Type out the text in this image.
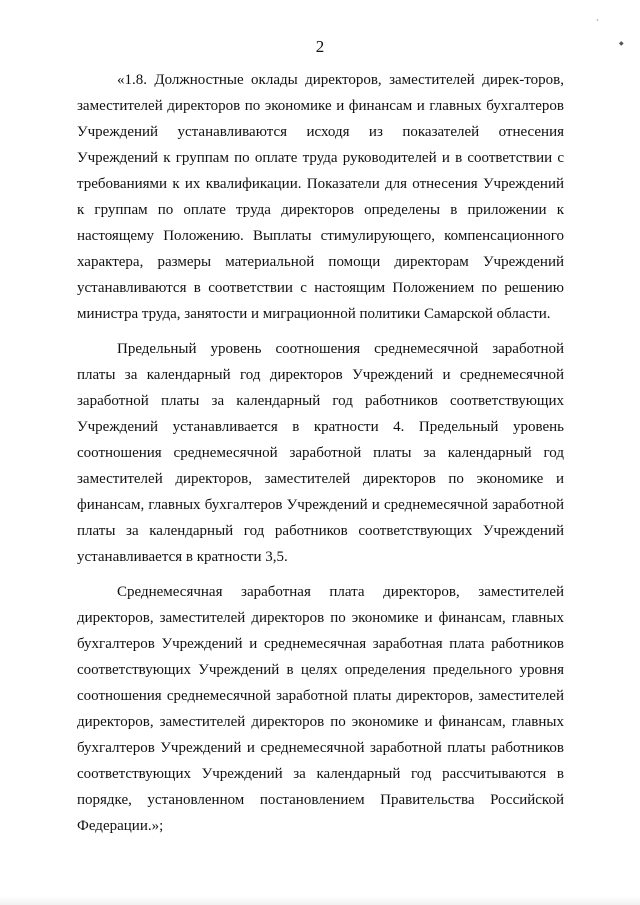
ˏ
◆
2

«1.8. Должностные оклады директоров, заместителей дирек-торов, заместителей директоров по экономике и финансам и главных бухгалтеров Учреждений устанавливаются исходя из показателей отнесения Учреждений к группам по оплате труда руководителей и в соответствии с требованиями к их квалификации. Показатели для отнесения Учреждений к группам по оплате труда директоров определены в приложении к настоящему Положению. Выплаты стимулирующего, компенсационного характера, размеры материальной помощи директорам Учреждений устанавливаются в соответствии с настоящим Положением по решению министра труда, занятости и миграционной политики Самарской области.

Предельный уровень соотношения среднемесячной заработной платы за календарный год директоров Учреждений и среднемесячной заработной платы за календарный год работников соответствующих Учреждений устанавливается в кратности 4. Предельный уровень соотношения среднемесячной заработной платы за календарный год заместителей директоров, заместителей директоров по экономике и финансам, главных бухгалтеров Учреждений и среднемесячной заработной платы за календарный год работников соответствующих Учреждений устанавливается в кратности 3,5.

Среднемесячная заработная плата директоров, заместителей директоров, заместителей директоров по экономике и финансам, главных бухгалтеров Учреждений и среднемесячная заработная плата работников соответствующих Учреждений в целях определения предельного уровня соотношения среднемесячной заработной платы директоров, заместителей директоров, заместителей директоров по экономике и финансам, главных бухгалтеров Учреждений и среднемесячной заработной платы работников соответствующих Учреждений за календарный год рассчитываются в порядке, установленном постановлением Правительства Российской Федерации.»;
